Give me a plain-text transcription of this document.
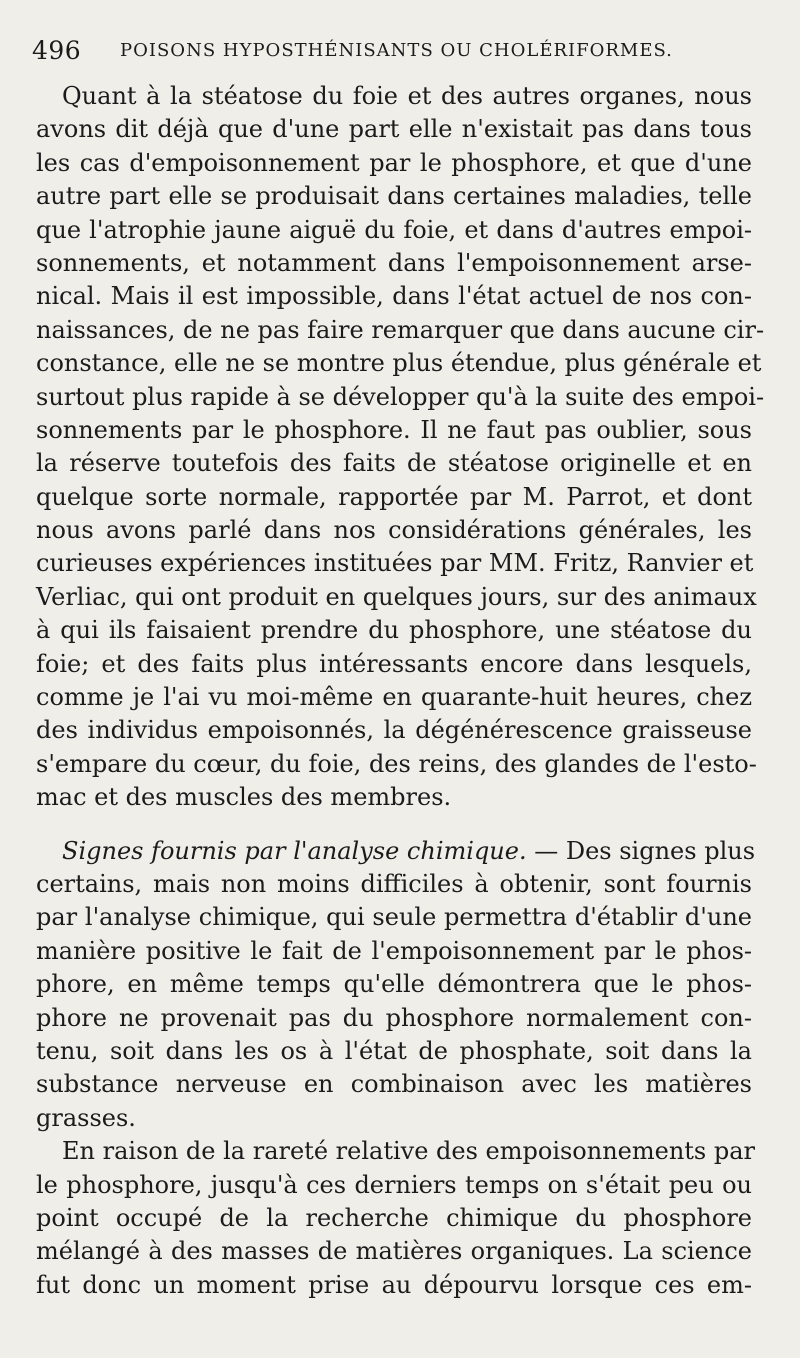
496 POISONS HYPOSTHÉNISANTS OU CHOLÉRIFORMES.
Quant à la stéatose du foie et des autres organes, nous
avons dit déjà que d'une part elle n'existait pas dans tous
les cas d'empoisonnement par le phosphore, et que d'une
autre part elle se produisait dans certaines maladies, telle
que l'atrophie jaune aiguë du foie, et dans d'autres empoi-
sonnements, et notamment dans l'empoisonnement arse-
nical. Mais il est impossible, dans l'état actuel de nos con-
naissances, de ne pas faire remarquer que dans aucune cir-
constance, elle ne se montre plus étendue, plus générale et
surtout plus rapide à se développer qu'à la suite des empoi-
sonnements par le phosphore. Il ne faut pas oublier, sous
la réserve toutefois des faits de stéatose originelle et en
quelque sorte normale, rapportée par M. Parrot, et dont
nous avons parlé dans nos considérations générales, les
curieuses expériences instituées par MM. Fritz, Ranvier et
Verliac, qui ont produit en quelques jours, sur des animaux
à qui ils faisaient prendre du phosphore, une stéatose du
foie; et des faits plus intéressants encore dans lesquels,
comme je l'ai vu moi-même en quarante-huit heures, chez
des individus empoisonnés, la dégénérescence graisseuse
s'empare du cœur, du foie, des reins, des glandes de l'esto-
mac et des muscles des membres.
Signes fournis par l'analyse chimique. — Des signes plus
certains, mais non moins difficiles à obtenir, sont fournis
par l'analyse chimique, qui seule permettra d'établir d'une
manière positive le fait de l'empoisonnement par le phos-
phore, en même temps qu'elle démontrera que le phos-
phore ne provenait pas du phosphore normalement con-
tenu, soit dans les os à l'état de phosphate, soit dans la
substance nerveuse en combinaison avec les matières
grasses.
En raison de la rareté relative des empoisonnements par
le phosphore, jusqu'à ces derniers temps on s'était peu ou
point occupé de la recherche chimique du phosphore
mélangé à des masses de matières organiques. La science
fut donc un moment prise au dépourvu lorsque ces em-
